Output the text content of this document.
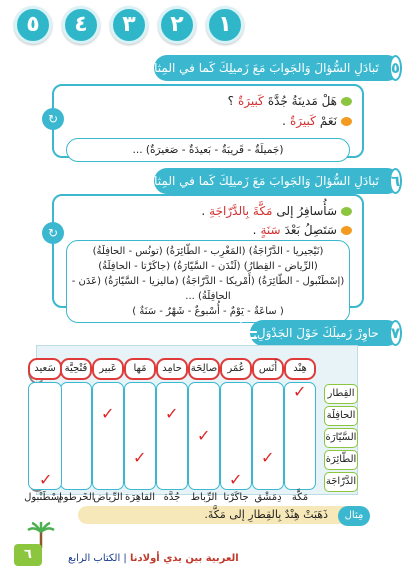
١
٢
٣
٤
٥
٥
تَبادَلِ السُّؤالَ وَالجَوابَ مَعَ زَميلِكَ كَما في المِثالِ:
هَلْ مَدينَةُ جُدَّةَ
كَبيرَةٌ
؟
نَعَمْ
كَبيرَةٌ
.
(جَميلَةٌ - قَريبَةٌ - بَعيدَةٌ - صَغيرَةٌ) ...
↻
٦
تَبادَلِ السُّؤالَ وَالجَوابَ مَعَ زَميلِكَ كَما في المِثالِ:
سَأُسافِرُ إلى
مَكَّةَ بِالدَّرّاجَةِ
.
سَتَصِلُ بَعْدَ
سَنَةٍ
.
(نَيْجيريا - الدَّرّاجَةُ) (المَغْرِب - الطّائِرَةُ) (تونُس - الحافِلَةُ)
(الرِّياض - القِطارُ) (لَنْدَن - السَّيّارَةُ) (جاكَرْتا - الحافِلَةُ)
(إسْطَنْبول - الطّائِرَةُ) (أَمْريكا - الدَّرّاجَةُ) (ماليزيا - السَّيّارَةُ) (عَدَن - الحافِلَةُ) ...
( ساعَةٌ - يَوْمٌ - أُسْبوعٌ - شَهْرٌ - سَنَةٌ )
↻
٧
حاوِرْ زَميلَكَ حَوْلَ الجَدْوَلِ.
هِنْد
أَنَس
عُمَر
صالِحَة
حامِد
مَها
عَبير
فَتْحِيَّة
سَعيد
القِطار
الحافِلَة
السَّيّارَة
الطّائِرَة
الدَّرّاجَة
✓
✓
✓
✓
✓
✓
✓
✓
مَكَّة
دِمَشْق
جاكَرْتا
الرِّباط
جُدَّة
القاهِرَة
الرِّياض
الخَرطوم
إسْطَنْبول
ذَهَبَتْ هِنْدٌ بِالقِطارِ إلى مَكَّةَ.	مِثال
٦	العربية بين يدي أولادنا | الكتاب الرابع
